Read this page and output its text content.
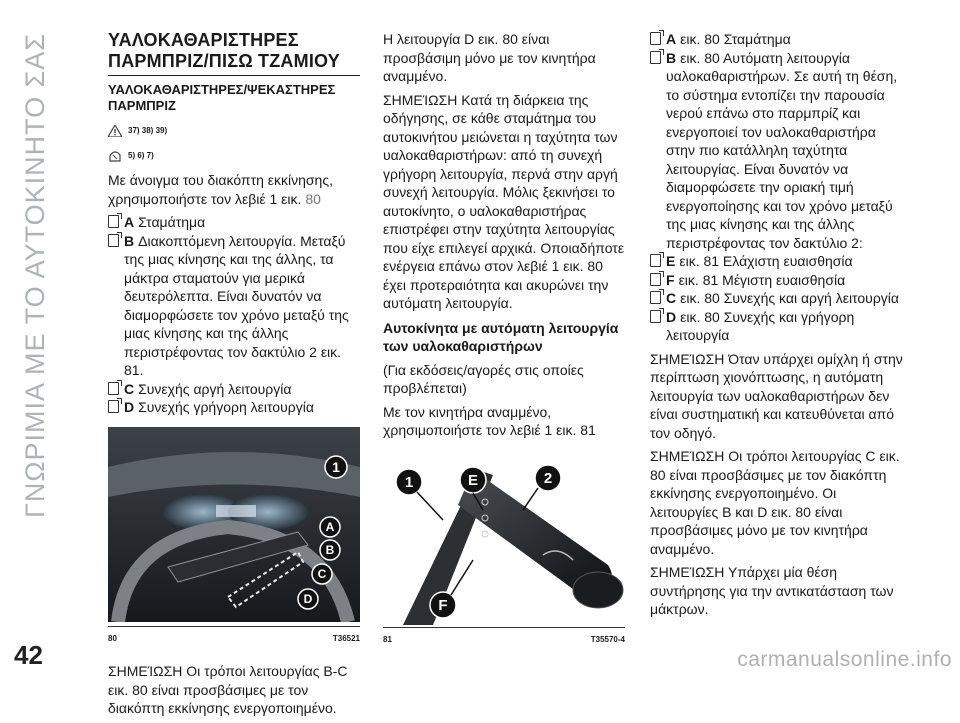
ΓΝΩΡΙΜΙΑ ΜΕ ΤΟ ΑΥΤΟΚΙΝΗΤΟ ΣΑΣ	ΥΑΛΟΚΑΘΑΡΙΣΤΗΡΕΣ ΠΑΡΜΠΡΙΖ/ΠΙΣΩ ΤΖΑΜΙΟΥ
ΥΑΛΟΚΑΘΑΡΙΣΤΗΡΕΣ/ΨΕΚΑΣΤΗΡΕΣ ΠΑΡΜΠΡΙΖ
37) 38) 39)
5) 6) 7)

Με άνοιγμα του διακόπτη εκκίνησης, χρησιμοποιήστε τον λεβιέ 1 εικ. 80

A Σταμάτημα
B Διακοπτόμενη λειτουργία. Μεταξύ της μιας κίνησης και της άλλης, τα μάκτρα σταματούν για μερικά δευτερόλεπτα. Είναι δυνατόν να διαμορφώσετε τον χρόνο μεταξύ της μιας κίνησης και της άλλης περιστρέφοντας τον δακτύλιο 2 εικ. 81.
C Συνεχής αργή λειτουργία
D Συνεχής γρήγορη λειτουργία
1
A
B
C
D
80	T36521

ΣΗΜΕΊΩΣΗ Οι τρόποι λειτουργίας B-C εικ. 80 είναι προσβάσιμες με τον διακόπτη εκκίνησης ενεργοποιημένο.

Η λειτουργία D εικ. 80 είναι προσβάσιμη μόνο με τον κινητήρα αναμμένο.

ΣΗΜΕΊΩΣΗ Κατά τη διάρκεια της οδήγησης, σε κάθε σταμάτημα του αυτοκινήτου μειώνεται η ταχύτητα των υαλοκαθαριστήρων: από τη συνεχή γρήγορη λειτουργία, περνά στην αργή συνεχή λειτουργία. Μόλις ξεκινήσει το αυτοκίνητο, ο υαλοκαθαριστήρας επιστρέφει στην ταχύτητα λειτουργίας που είχε επιλεγεί αρχικά. Οποιαδήποτε ενέργεια επάνω στον λεβιέ 1 εικ. 80 έχει προτεραιότητα και ακυρώνει την αυτόματη λειτουργία.

Αυτοκίνητα με αυτόματη λειτουργία των υαλοκαθαριστήρων

(Για εκδόσεις/αγορές στις οποίες προβλέπεται)

Με τον κινητήρα αναμμένο, χρησιμοποιήστε τον λεβιέ 1 εικ. 81

1	E	2
F
81	T35570-4
A εικ. 80 Σταμάτημα
B εικ. 80 Αυτόματη λειτουργία υαλοκαθαριστήρων. Σε αυτή τη θέση, το σύστημα εντοπίζει την παρουσία νερού επάνω στο παρμπρίζ και ενεργοποιεί τον υαλοκαθαριστήρα στην πιο κατάλληλη ταχύτητα λειτουργίας. Είναι δυνατόν να διαμορφώσετε την οριακή τιμή ενεργοποίησης και τον χρόνο μεταξύ της μιας κίνησης και της άλλης περιστρέφοντας τον δακτύλιο 2:
E εικ. 81 Ελάχιστη ευαισθησία
F εικ. 81 Μέγιστη ευαισθησία
C εικ. 80 Συνεχής και αργή λειτουργία
D εικ. 80 Συνεχής και γρήγορη λειτουργία

ΣΗΜΕΊΩΣΗ Όταν υπάρχει ομίχλη ή στην περίπτωση χιονόπτωσης, η αυτόματη λειτουργία των υαλοκαθαριστήρων δεν είναι συστηματική και κατευθύνεται από τον οδηγό.

ΣΗΜΕΊΩΣΗ Οι τρόποι λειτουργίας C εικ. 80 είναι προσβάσιμες με τον διακόπτη εκκίνησης ενεργοποιημένο. Οι λειτουργίες B και D εικ. 80 είναι προσβάσιμες μόνο με τον κινητήρα αναμμένο.

ΣΗΜΕΊΩΣΗ Υπάρχει μία θέση συντήρησης για την αντικατάσταση των μάκτρων.

42	carmanualsonline.info
